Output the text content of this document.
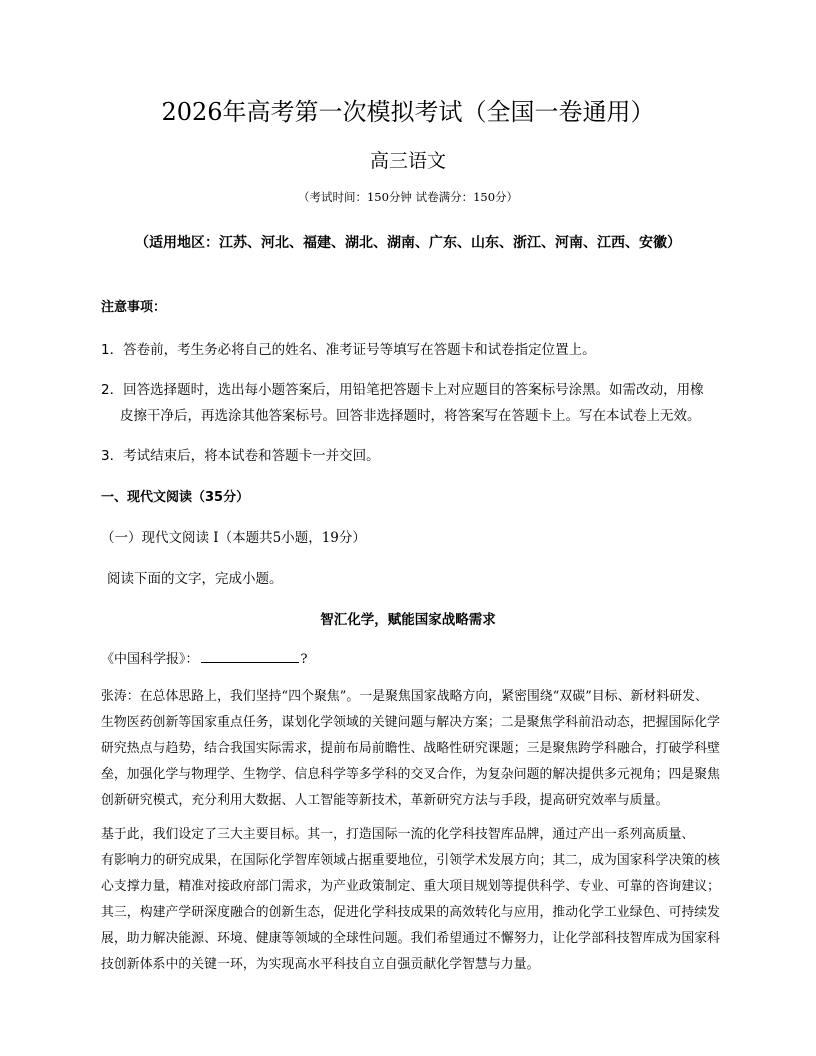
2026年高考第一次模拟考试（全国一卷通用）
高三语文
（考试时间：150分钟 试卷满分：150分）
（适用地区：江苏、河北、福建、湖北、湖南、广东、山东、浙江、河南、江西、安徽）
注意事项：
1．答卷前，考生务必将自己的姓名、准考证号等填写在答题卡和试卷指定位置上。
2．回答选择题时，选出每小题答案后，用铅笔把答题卡上对应题目的答案标号涂黑。如需改动，用橡
皮擦干净后，再选涂其他答案标号。回答非选择题时，将答案写在答题卡上。写在本试卷上无效。
3．考试结束后，将本试卷和答题卡一并交回。
一、现代文阅读（35分）
（一）现代文阅读 I（本题共5小题，19分）
阅读下面的文字，完成小题。
智汇化学，赋能国家战略需求
《中国科学报》：	?
张涛：在总体思路上，我们坚持“四个聚焦”。一是聚焦国家战略方向，紧密围绕“双碳”目标、新材料研发、
生物医药创新等国家重点任务，谋划化学领域的关键问题与解决方案；二是聚焦学科前沿动态，把握国际化学
研究热点与趋势，结合我国实际需求，提前布局前瞻性、战略性研究课题；三是聚焦跨学科融合，打破学科壁
垒，加强化学与物理学、生物学、信息科学等多学科的交叉合作，为复杂问题的解决提供多元视角；四是聚焦
创新研究模式，充分利用大数据、人工智能等新技术，革新研究方法与手段，提高研究效率与质量。
基于此，我们设定了三大主要目标。其一，打造国际一流的化学科技智库品牌，通过产出一系列高质量、
有影响力的研究成果，在国际化学智库领域占据重要地位，引领学术发展方向；其二，成为国家科学决策的核
心支撑力量，精准对接政府部门需求，为产业政策制定、重大项目规划等提供科学、专业、可靠的咨询建议；
其三，构建产学研深度融合的创新生态，促进化学科技成果的高效转化与应用，推动化学工业绿色、可持续发
展，助力解决能源、环境、健康等领域的全球性问题。我们希望通过不懈努力，让化学部科技智库成为国家科
技创新体系中的关键一环，为实现高水平科技自立自强贡献化学智慧与力量。
